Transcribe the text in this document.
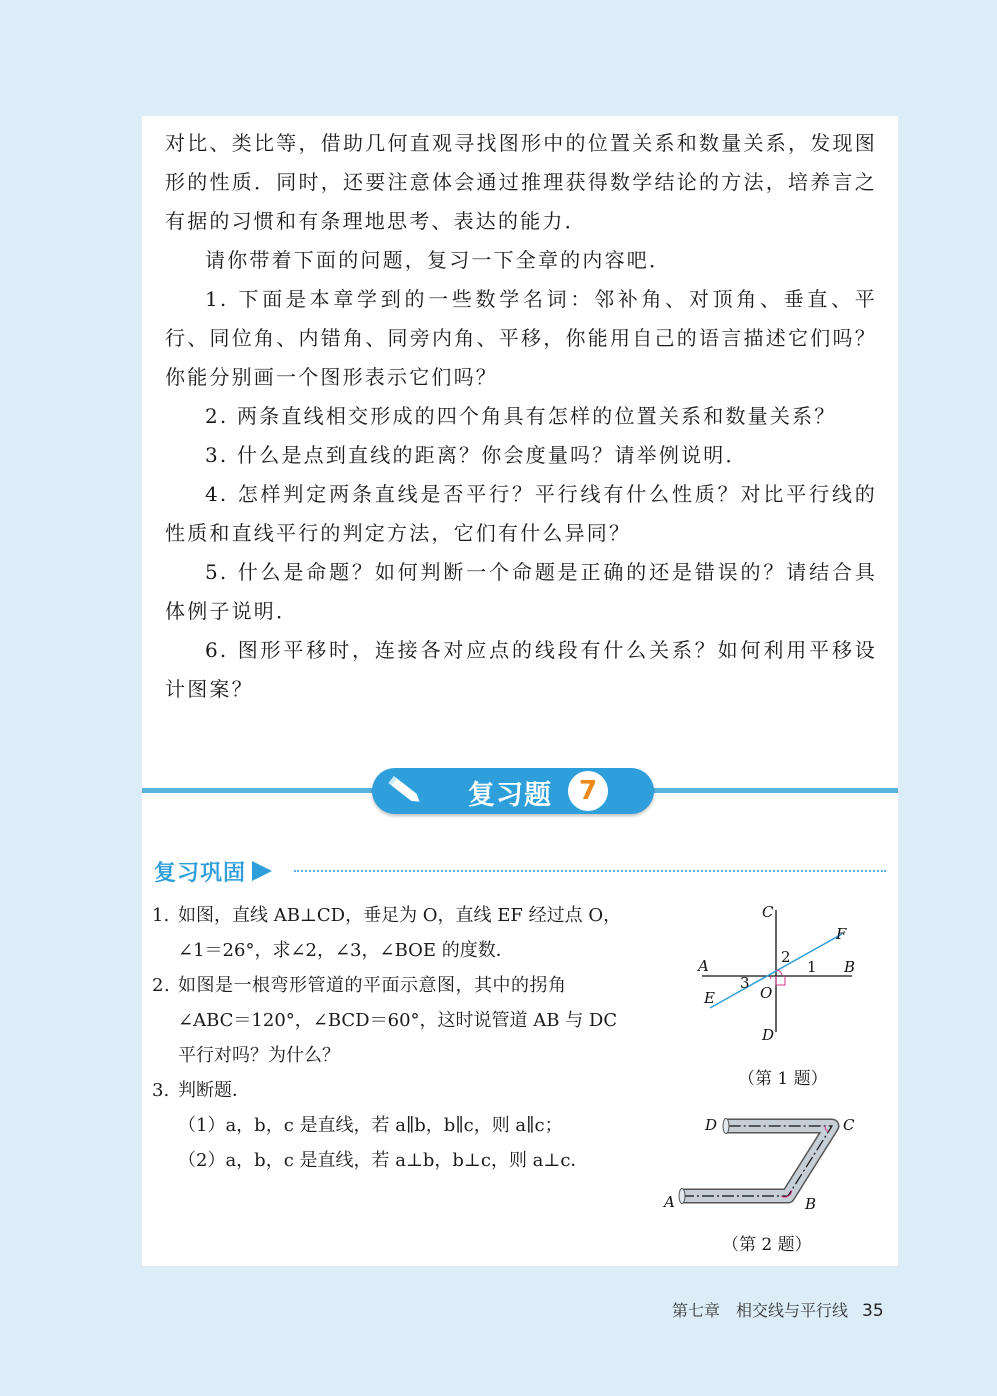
对比、类比等，借助几何直观寻找图形中的位置关系和数量关系，发现图形的性质．同时，还要注意体会通过推理获得数学结论的方法，培养言之有据的习惯和有条理地思考、表达的能力．

请你带着下面的问题，复习一下全章的内容吧．

1. 下面是本章学到的一些数学名词：邻补角、对顶角、垂直、平行、同位角、内错角、同旁内角、平移，你能用自己的语言描述它们吗？你能分别画一个图形表示它们吗？

2. 两条直线相交形成的四个角具有怎样的位置关系和数量关系？

3. 什么是点到直线的距离？你会度量吗？请举例说明．

4. 怎样判定两条直线是否平行？平行线有什么性质？对比平行线的性质和直线平行的判定方法，它们有什么异同？

5. 什么是命题？如何判断一个命题是正确的还是错误的？请结合具体例子说明．

6. 图形平移时，连接各对应点的线段有什么关系？如何利用平移设计图案？

复习题	7
复习巩固
1. 如图，直线 AB⊥CD，垂足为 O，直线 EF 经过点 O，
∠1＝26°，求∠2，∠3，∠BOE 的度数．
2. 如图是一根弯形管道的平面示意图，其中的拐角
∠ABC＝120°，∠BCD＝60°，这时说管道 AB 与 DC
平行对吗？为什么？
3. 判断题．
（1）a，b，c 是直线，若 a∥b，b∥c，则 a∥c；
（2）a，b，c 是直线，若 a⊥b，b⊥c，则 a⊥c．
C
D
A	B
E
F
O
1
2
3
（第 1 题）
A	B
C
D
（第 2 题）
第七章　相交线与平行线 35
